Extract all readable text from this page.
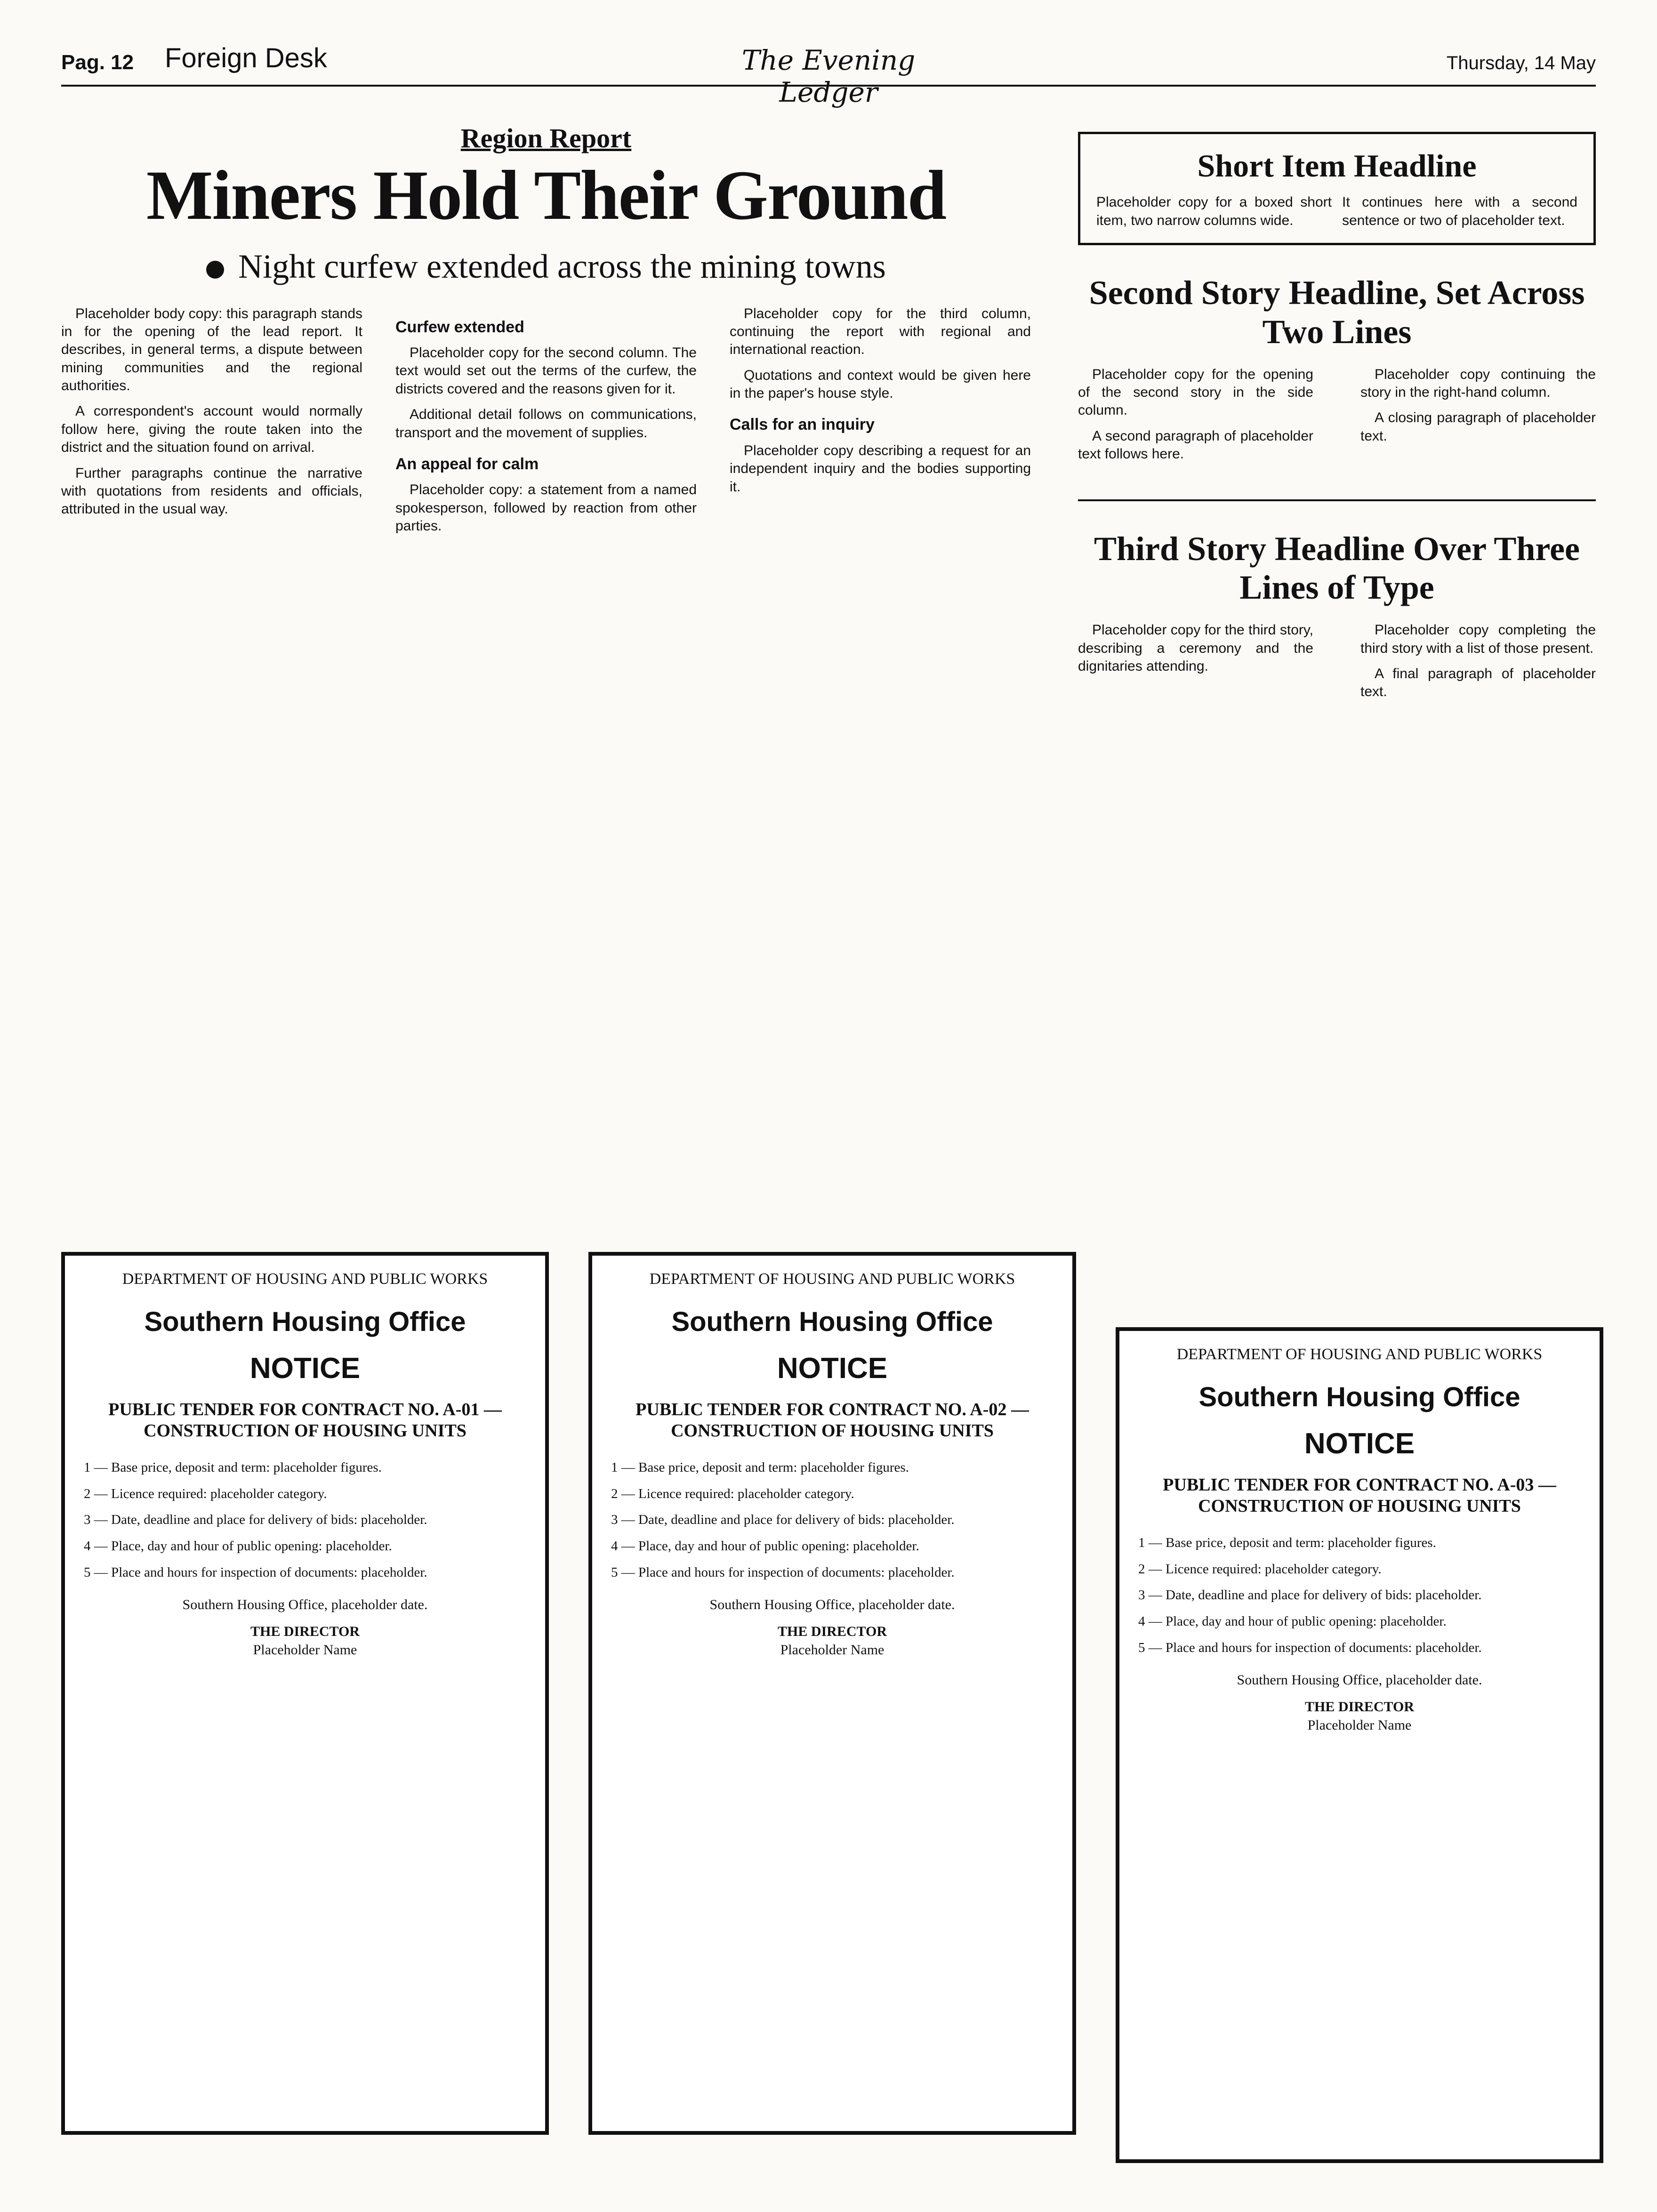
Pag. 12 Foreign Desk	The Evening Ledger
Thursday, 14 May
Region Report
Miners Hold Their Ground
Night curfew extended across the mining towns

Placeholder body copy: this paragraph stands in for the opening of the lead report. It describes, in general terms, a dispute between mining communities and the regional authorities.

A correspondent's account would normally follow here, giving the route taken into the district and the situation found on arrival.

Further paragraphs continue the narrative with quotations from residents and officials, attributed in the usual way.

Curfew extended

Placeholder copy for the second column. The text would set out the terms of the curfew, the districts covered and the reasons given for it.

Additional detail follows on communications, transport and the movement of supplies.

An appeal for calm

Placeholder copy: a statement from a named spokesperson, followed by reaction from other parties.

Placeholder copy for the third column, continuing the report with regional and international reaction.

Quotations and context would be given here in the paper's house style.

Calls for an inquiry

Placeholder copy describing a request for an independent inquiry and the bodies supporting it.

Short Item Headline
Placeholder copy for a boxed short item, two narrow columns wide.
It continues here with a second sentence or two of placeholder text.
Second Story Headline, Set Across Two Lines

Placeholder copy for the opening of the second story in the side column.

A second paragraph of placeholder text follows here.

Placeholder copy continuing the story in the right-hand column.

A closing paragraph of placeholder text.

Third Story Headline Over Three Lines of Type

Placeholder copy for the third story, describing a ceremony and the dignitaries attending.

Placeholder copy completing the third story with a list of those present.

A final paragraph of placeholder text.

DEPARTMENT OF HOUSING AND PUBLIC WORKS
Southern Housing Office
NOTICE
PUBLIC TENDER FOR CONTRACT NO. A-01 — CONSTRUCTION OF HOUSING UNITS

1 — Base price, deposit and term: placeholder figures.

2 — Licence required: placeholder category.

3 — Date, deadline and place for delivery of bids: placeholder.

4 — Place, day and hour of public opening: placeholder.

5 — Place and hours for inspection of documents: placeholder.

Southern Housing Office, placeholder date.
THE DIRECTOR
Placeholder Name
DEPARTMENT OF HOUSING AND PUBLIC WORKS
Southern Housing Office
NOTICE
PUBLIC TENDER FOR CONTRACT NO. A-02 — CONSTRUCTION OF HOUSING UNITS

1 — Base price, deposit and term: placeholder figures.

2 — Licence required: placeholder category.

3 — Date, deadline and place for delivery of bids: placeholder.

4 — Place, day and hour of public opening: placeholder.

5 — Place and hours for inspection of documents: placeholder.

Southern Housing Office, placeholder date.
THE DIRECTOR
Placeholder Name
DEPARTMENT OF HOUSING AND PUBLIC WORKS
Southern Housing Office
NOTICE
PUBLIC TENDER FOR CONTRACT NO. A-03 — CONSTRUCTION OF HOUSING UNITS

1 — Base price, deposit and term: placeholder figures.

2 — Licence required: placeholder category.

3 — Date, deadline and place for delivery of bids: placeholder.

4 — Place, day and hour of public opening: placeholder.

5 — Place and hours for inspection of documents: placeholder.

Southern Housing Office, placeholder date.
THE DIRECTOR
Placeholder Name
